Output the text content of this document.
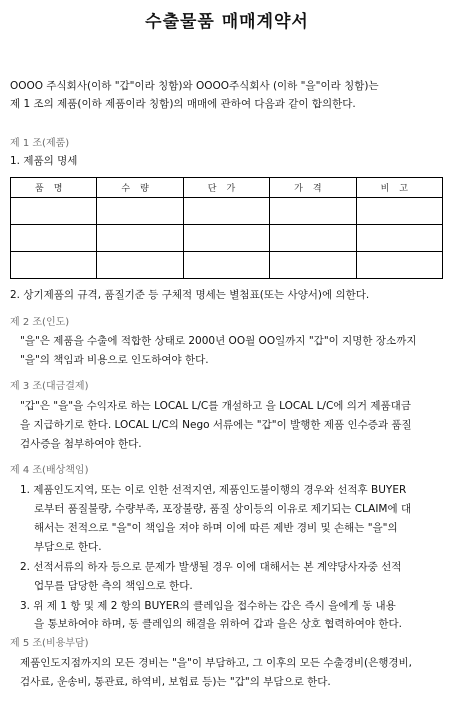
수출물품 매매계약서
OOOO 주식회사(이하 "갑"이라 칭함)와 OOOO주식회사 (이하 "을"이라 칭함)는
제 1 조의 제품(이하 제품이라 칭함)의 매매에 관하여 다음과 같이 합의한다.
제 1 조(제품)
1. 제품의 명세
품명	수량	단가	가격	비고

2. 상기제품의 규격, 품질기준 등 구체적 명세는 별첨표(또는 사양서)에 의한다.
제 2 조(인도)
"을"은 제품을 수출에 적합한 상태로 2000년 OO월 OO일까지 "갑"이 지명한 장소까지
"을"의 책임과 비용으로 인도하여야 한다.
제 3 조(대금결제)
"갑"은 "을"을 수익자로 하는 LOCAL L/C를 개설하고 을 LOCAL L/C에 의거 제품대금
을 지급하기로 한다. LOCAL L/C의 Nego 서류에는 "갑"이 발행한 제품 인수증과 품질
검사증을 첨부하여야 한다.
제 4 조(배상책임)
1. 제품인도지역, 또는 이로 인한 선적지연, 제품인도불이행의 경우와 선적후 BUYER
로부터 품질불량, 수량부족, 포장불량, 품질 상이등의 이유로 제기되는 CLAIM에 대
해서는 전적으로 "을"이 책임을 져야 하며 이에 따른 제반 경비 및 손해는 "을"의
부담으로 한다.
2. 선적서류의 하자 등으로 문제가 발생될 경우 이에 대해서는 본 계약당사자중 선적
업무를 담당한 측의 책임으로 한다.
3. 위 제 1 항 및 제 2 항의 BUYER의 클레임을 접수하는 갑은 즉시 을에게 동 내용
을 통보하여야 하며, 동 클레임의 해결을 위하여 갑과 을은 상호 협력하여야 한다.
제 5 조(비용부담)
제품인도지점까지의 모든 경비는 "을"이 부담하고, 그 이후의 모든 수출경비(은행경비,
검사료, 운송비, 통관료, 하역비, 보험료 등)는 "갑"의 부담으로 한다.
